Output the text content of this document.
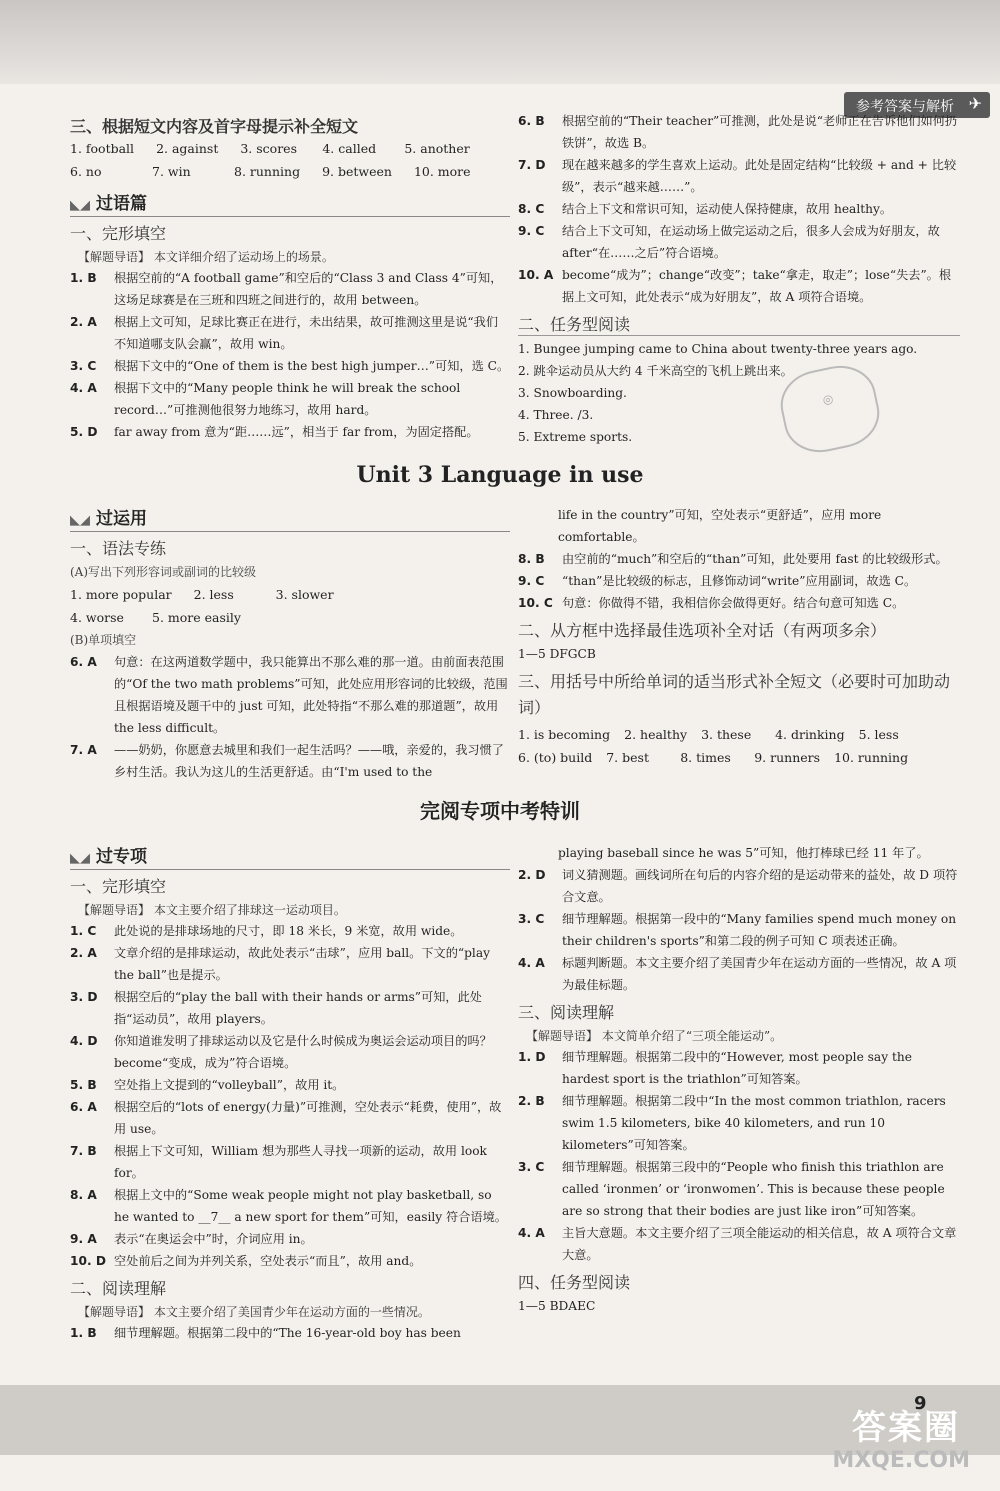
参考答案与解析 ✈
三、根据短文内容及首字母提示补全短文
1. football 2. against 3. scores 4. called	5. another
6. no	7. win	8. running 9. between 10. more
◣◢ 过语篇
一、完形填空
【解题导语】 本文详细介绍了运动场上的场景。
1. B	根据空前的“A football game”和空后的“Class 3 and Class 4”可知，这场足球赛是在三班和四班之间进行的，故用 between。
2. A	根据上文可知，足球比赛正在进行，未出结果，故可推测这里是说“我们不知道哪支队会赢”，故用 win。
3. C	根据下文中的“One of them is the best high jumper…”可知，选 C。
4. A	根据下文中的“Many people think he will break the school record…”可推测他很努力地练习，故用 hard。
5. D	far away from 意为“距……远”，相当于 far from，为固定搭配。
6. B	根据空前的“Their teacher”可推测，此处是说“老师正在告诉他们如何扔铁饼”，故选 B。
7. D	现在越来越多的学生喜欢上运动。此处是固定结构“比较级 + and + 比较级”，表示“越来越……”。
8. C	结合上下文和常识可知，运动使人保持健康，故用 healthy。
9. C	结合上下文可知，在运动场上做完运动之后，很多人会成为好朋友，故 after“在……之后”符合语境。
10. A become“成为”；change“改变”；take“拿走，取走”；lose“失去”。根据上文可知，此处表示“成为好朋友”，故 A 项符合语境。
二、任务型阅读
1. Bungee jumping came to China about twenty-three years ago.
2. 跳伞运动员从大约 4 千米高空的飞机上跳出来。
3. Snowboarding.
4. Three. /3.
5. Extreme sports.
◎
Unit 3 Language in use
◣◢ 过运用
一、语法专练
(A)写出下列形容词或副词的比较级
1. more popular 2. less	3. slower
4. worse	5. more easily
(B)单项填空
6. A	句意：在这两道数学题中，我只能算出不那么难的那一道。由前面表范围的“Of the two math problems”可知，此处应用形容词的比较级，范围且根据语境及题干中的 just 可知，此处特指“不那么难的那道题”，故用 the less difficult。
7. A	——奶奶，你愿意去城里和我们一起生活吗？——哦，亲爱的，我习惯了乡村生活。我认为这儿的生活更舒适。由“I'm used to the
life in the country”可知，空处表示“更舒适”，应用 more comfortable。
8. B	由空前的“much”和空后的“than”可知，此处要用 fast 的比较级形式。
9. C	“than”是比较级的标志，且修饰动词“write”应用副词，故选 C。
10. C 句意：你做得不错，我相信你会做得更好。结合句意可知选 C。
二、从方框中选择最佳选项补全对话（有两项多余）
1—5 DFGCB
三、用括号中所给单词的适当形式补全短文（必要时可加助动词）
1. is becoming 2. healthy 3. these	4. drinking 5. less
6. (to) build 7. best	8. times	9. runners 10. running
完阅专项中考特训
◣◢ 过专项
一、完形填空
【解题导语】 本文主要介绍了排球这一运动项目。
1. C	此处说的是排球场地的尺寸，即 18 米长，9 米宽，故用 wide。
2. A	文章介绍的是排球运动，故此处表示“击球”，应用 ball。下文的“play the ball”也是提示。
3. D	根据空后的“play the ball with their hands or arms”可知，此处指“运动员”，故用 players。
4. D	你知道谁发明了排球运动以及它是什么时候成为奥运会运动项目的吗？become“变成，成为”符合语境。
5. B	空处指上文提到的“volleyball”，故用 it。
6. A	根据空后的“lots of energy(力量)”可推测，空处表示“耗费，使用”，故用 use。
7. B	根据上下文可知，William 想为那些人寻找一项新的运动，故用 look for。
8. A	根据上文中的“Some weak people might not play basketball, so he wanted to __7__ a new sport for them”可知，easily 符合语境。
9. A	表示“在奥运会中”时，介词应用 in。
10. D 空处前后之间为并列关系，空处表示“而且”，故用 and。
二、阅读理解
【解题导语】 本文主要介绍了美国青少年在运动方面的一些情况。
1. B	细节理解题。根据第二段中的“The 16-year-old boy has been
playing baseball since he was 5”可知，他打棒球已经 11 年了。
2. D	词义猜测题。画线词所在句后的内容介绍的是运动带来的益处，故 D 项符合文意。
3. C	细节理解题。根据第一段中的“Many families spend much money on their children's sports”和第二段的例子可知 C 项表述正确。
4. A	标题判断题。本文主要介绍了美国青少年在运动方面的一些情况，故 A 项为最佳标题。
三、阅读理解
【解题导语】 本文简单介绍了“三项全能运动”。
1. D	细节理解题。根据第二段中的“However, most people say the hardest sport is the triathlon”可知答案。
2. B	细节理解题。根据第二段中“In the most common triathlon, racers swim 1.5 kilometers, bike 40 kilometers, and run 10 kilometers”可知答案。
3. C	细节理解题。根据第三段中的“People who finish this triathlon are called ‘ironmen’ or ‘ironwomen’. This is because these people are so strong that their bodies are just like iron”可知答案。
4. A	主旨大意题。本文主要介绍了三项全能运动的相关信息，故 A 项符合文章大意。
四、任务型阅读
1—5 BDAEC
9
答案圈
MXQE.COM
